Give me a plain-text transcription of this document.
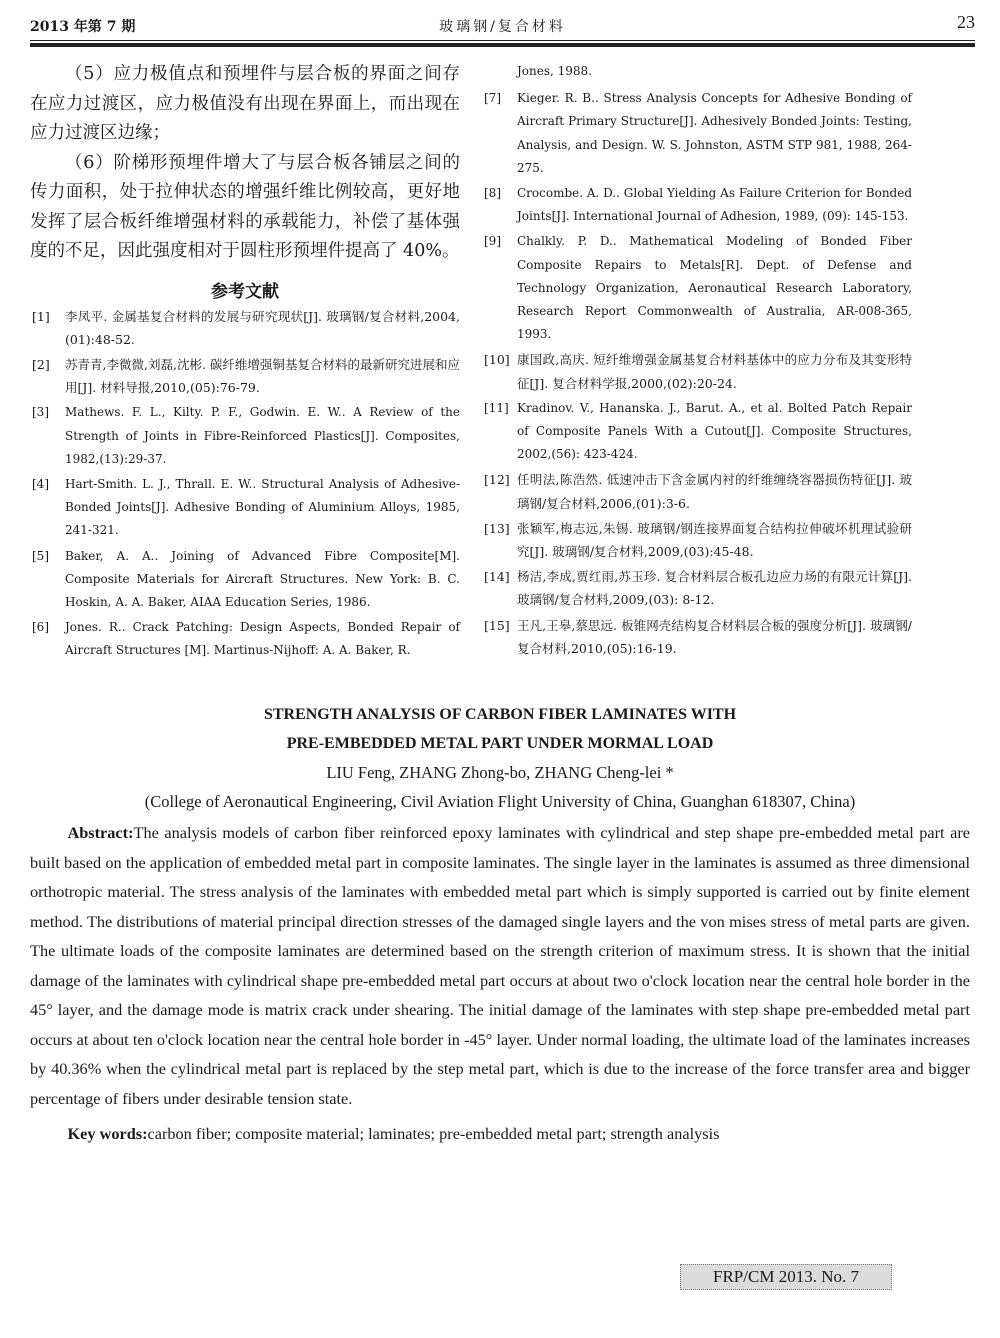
2013 年第 7 期	玻璃钢/复合材料	23

（5）应力极值点和预埋件与层合板的界面之间存在应力过渡区，应力极值没有出现在界面上，而出现在应力过渡区边缘；

（6）阶梯形预埋件增大了与层合板各铺层之间的传力面积，处于拉伸状态的增强纤维比例较高，更好地发挥了层合板纤维增强材料的承载能力，补偿了基体强度的不足，因此强度相对于圆柱形预埋件提高了 40%。

参考文献
[1] 李凤平. 金属基复合材料的发展与研究现状[J]. 玻璃钢/复合材料,2004,(01):48-52.
[2] 苏青青,李微微,刘磊,沈彬. 碳纤维增强铜基复合材料的最新研究进展和应用[J]. 材料导报,2010,(05):76-79.
[3] Mathews. F. L., Kilty. P. F., Godwin. E. W.. A Review of the Strength of Joints in Fibre-Reinforced Plastics[J]. Composites, 1982,(13):29-37.
[4] Hart-Smith. L. J., Thrall. E. W.. Structural Analysis of Adhesive-Bonded Joints[J]. Adhesive Bonding of Aluminium Alloys, 1985, 241-321.
[5] Baker, A. A.. Joining of Advanced Fibre Composite[M]. Composite Materials for Aircraft Structures. New York: B. C. Hoskin, A. A. Baker, AIAA Education Series, 1986.
[6] Jones. R.. Crack Patching: Design Aspects, Bonded Repair of Aircraft Structures [M]. Martinus-Nijhoff: A. A. Baker, R.
Jones, 1988.
[7] Kieger. R. B.. Stress Analysis Concepts for Adhesive Bonding of Aircraft Primary Structure[J]. Adhesively Bonded Joints: Testing, Analysis, and Design. W. S. Johnston, ASTM STP 981, 1988, 264-275.
[8] Crocombe. A. D.. Global Yielding As Failure Criterion for Bonded Joints[J]. International Journal of Adhesion, 1989, (09): 145-153.
[9] Chalkly. P. D.. Mathematical Modeling of Bonded Fiber Composite Repairs to Metals[R]. Dept. of Defense and Technology Organization, Aeronautical Research Laboratory, Research Report Commonwealth of Australia, AR-008-365, 1993.
[10] 康国政,高庆. 短纤维增强金属基复合材料基体中的应力分布及其变形特征[J]. 复合材料学报,2000,(02):20-24.
[11] Kradinov. V., Hananska. J., Barut. A., et al. Bolted Patch Repair of Composite Panels With a Cutout[J]. Composite Structures, 2002,(56): 423-424.
[12] 任明法,陈浩然. 低速冲击下含金属内衬的纤维缠绕容器损伤特征[J]. 玻璃钢/复合材料,2006,(01):3-6.
[13] 张颖军,梅志远,朱锡. 玻璃钢/钢连接界面复合结构拉伸破坏机理试验研究[J]. 玻璃钢/复合材料,2009,(03):45-48.
[14] 杨洁,李成,贾红雨,苏玉珍. 复合材料层合板孔边应力场的有限元计算[J]. 玻璃钢/复合材料,2009,(03): 8-12.
[15] 王凡,王皋,蔡思远. 板锥网壳结构复合材料层合板的强度分析[J]. 玻璃钢/复合材料,2010,(05):16-19.

STRENGTH ANALYSIS OF CARBON FIBER LAMINATES WITH

PRE-EMBEDDED METAL PART UNDER MORMAL LOAD

LIU Feng, ZHANG Zhong-bo, ZHANG Cheng-lei *

(College of Aeronautical Engineering, Civil Aviation Flight University of China, Guanghan 618307, China)

Abstract:The analysis models of carbon fiber reinforced epoxy laminates with cylindrical and step shape pre-embedded metal part are built based on the application of embedded metal part in composite laminates. The single layer in the laminates is assumed as three dimensional orthotropic material. The stress analysis of the laminates with embedded metal part which is simply supported is carried out by finite element method. The distributions of material principal direction stresses of the damaged single layers and the von mises stress of metal parts are given. The ultimate loads of the composite laminates are determined based on the strength criterion of maximum stress. It is shown that the initial damage of the laminates with cylindrical shape pre-embedded metal part occurs at about two o'clock location near the central hole border in the 45° layer, and the damage mode is matrix crack under shearing. The initial damage of the laminates with step shape pre-embedded metal part occurs at about ten o'clock location near the central hole border in -45° layer. Under normal loading, the ultimate load of the laminates increases by 40.36% when the cylindrical metal part is replaced by the step metal part, which is due to the increase of the force transfer area and bigger percentage of fibers under desirable tension state.

Key words:carbon fiber; composite material; laminates; pre-embedded metal part; strength analysis

FRP/CM 2013. No. 7
